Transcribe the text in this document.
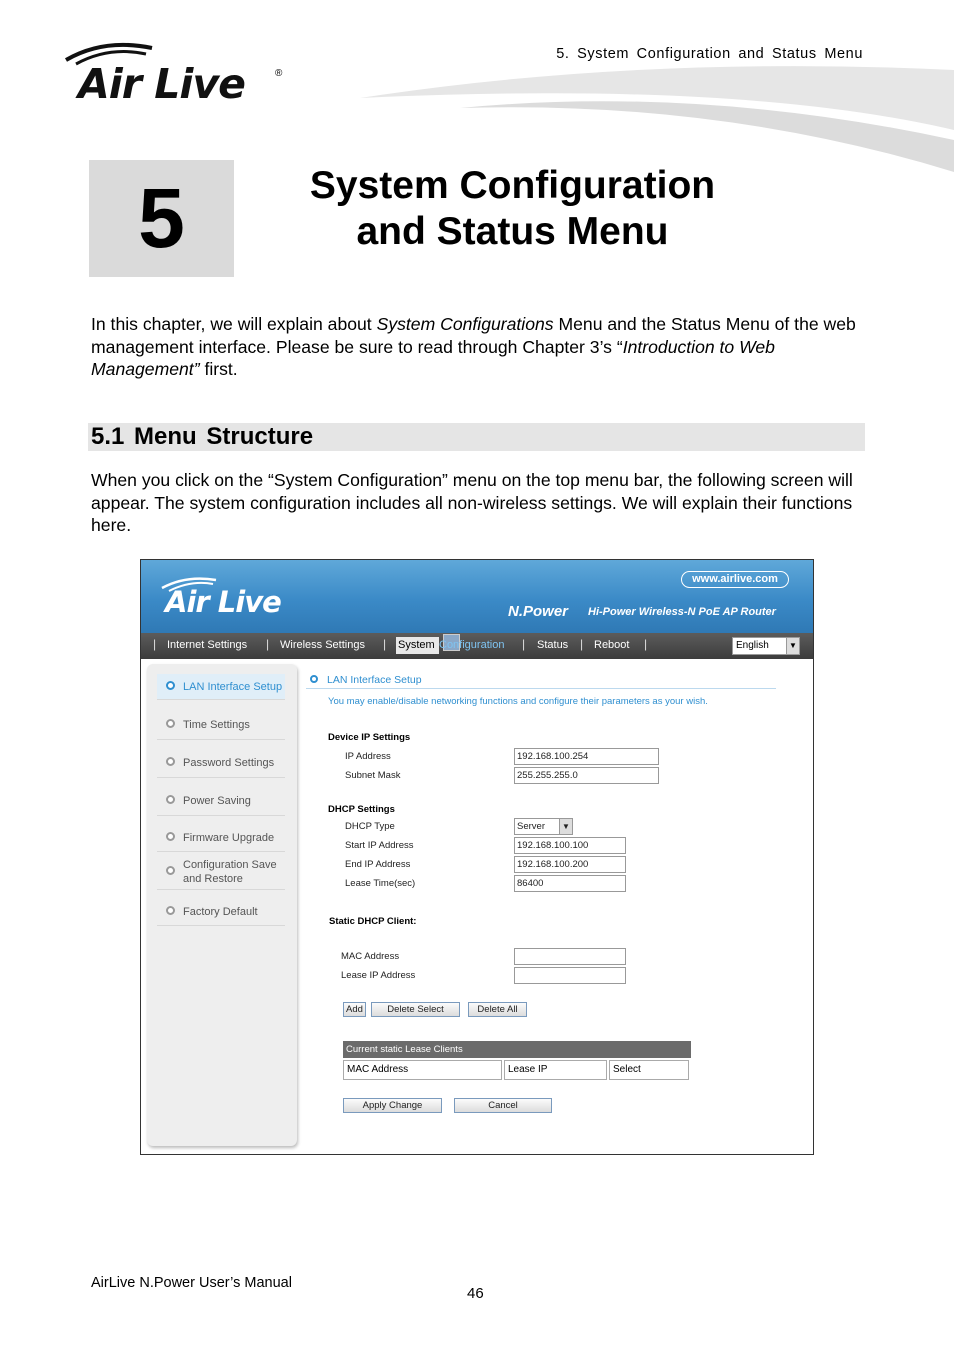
Air Live	®
5. System Configuration and Status Menu
5	System Configuration
and Status Menu

In this chapter, we will explain about System Configurations Menu and the Status Menu of the web management interface. Please be sure to read through Chapter 3’s “Introduction to Web Management” first.

5.1 Menu Structure

When you click on the “System Configuration” menu on the top menu bar, the following screen will appear. The system configuration includes all non-wireless settings. We will explain their functions here.

Air Live
www.airlive.com
N.Power Hi-Power Wireless-N PoE AP Router
| Internet Settings | Wireless Settings | System Configuration | Status | Reboot |	English	▼
LAN Interface Setup
Time Settings
Password Settings
Power Saving
Firmware Upgrade
Configuration Save and Restore
Factory Default
LAN Interface Setup
You may enable/disable networking functions and configure their parameters as your wish.
Device IP Settings
IP Address	192.168.100.254
Subnet Mask	255.255.255.0
DHCP Settings
DHCP Type	Server	▼
Start IP Address	192.168.100.100
End IP Address	192.168.100.200
Lease Time(sec)	86400
Static DHCP Client:
MAC Address
Lease IP Address
Add	Delete Select	Delete All
Current static Lease Clients
MAC Address	Lease IP	Select
Apply Change	Cancel
AirLive N.Power User’s Manual
46
